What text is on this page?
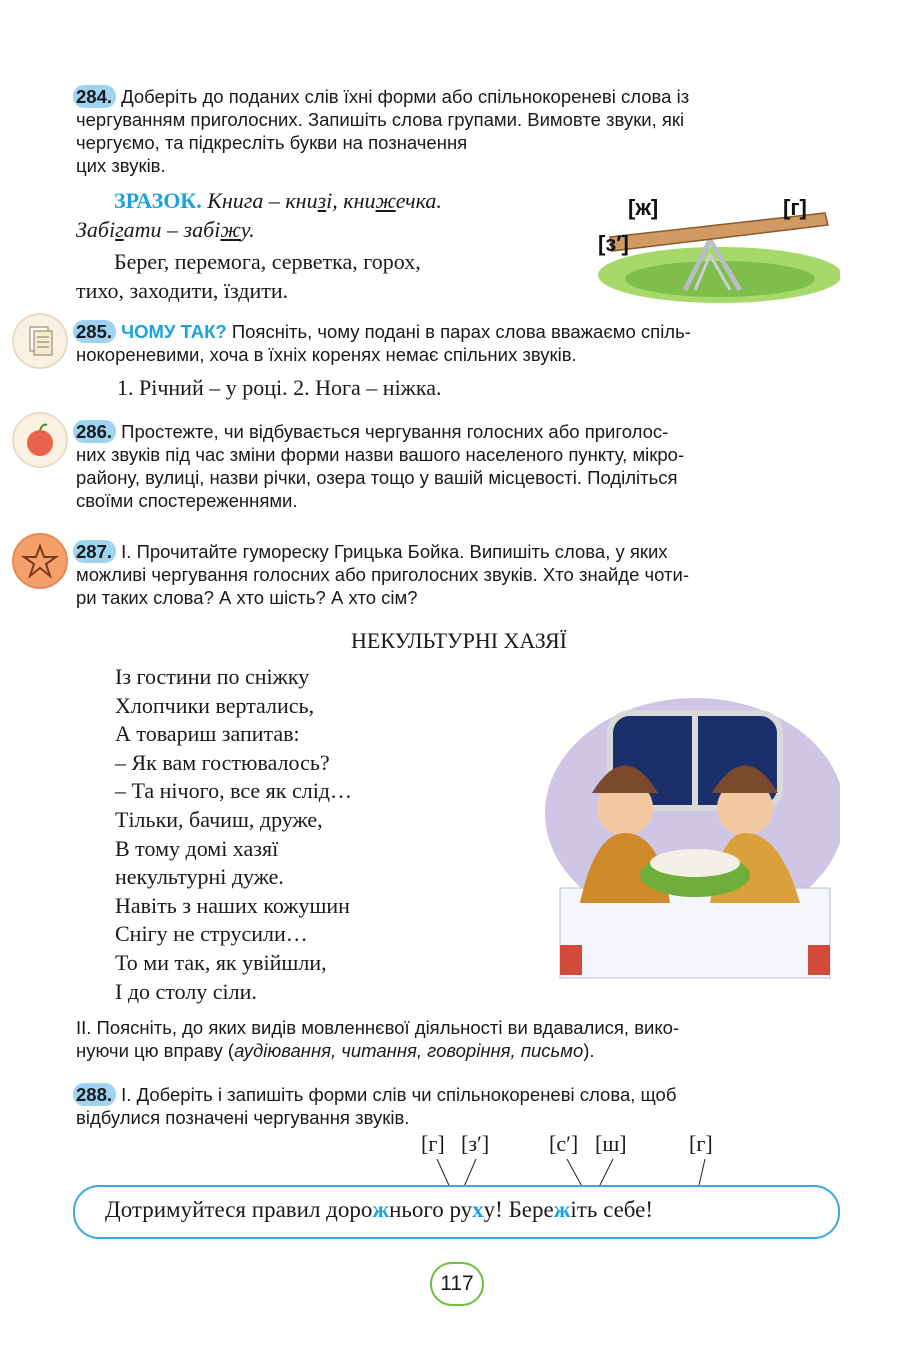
284. Доберіть до поданих слів їхні форми або спільнокореневі слова із
чергуванням приголосних. Запишіть слова групами. Вимовте звуки, які
чергуємо, та підкресліть букви на позначення
цих звуків.
ЗРАЗОК. Книга – книзі, книжечка.
Забігати – забіжу.
Берег, перемога, серветка, горох,
тихо, заходити, їздити.
[ж]	[г]
[з′]
285. ЧОМУ ТАК? Поясніть, чому подані в парах слова вважаємо спіль-
нокореневими, хоча в їхніх коренях немає спільних звуків.
1. Річний – у році. 2. Нога – ніжка.
286. Простежте, чи відбувається чергування голосних або приголос-
них звуків під час зміни форми назви вашого населеного пункту, мікро-
району, вулиці, назви річки, озера тощо у вашій місцевості. Поділіться
своїми спостереженнями.
287. І. Прочитайте гумореску Грицька Бойка. Випишіть слова, у яких
можливі чергування голосних або приголосних звуків. Хто знайде чоти-
ри таких слова? А хто шість? А хто сім?
НЕКУЛЬТУРНІ ХАЗЯЇ
Із гостини по сніжку
Хлопчики вертались,
А товариш запитав:
– Як вам гостювалось?
– Та нічого, все як слід…
Тільки, бачиш, друже,
В тому домі хазяї
некультурні дуже.
Навіть з наших кожушин
Снігу не струсили…
То ми так, як увійшли,
І до столу сіли.
ІІ. Поясніть, до яких видів мовленнєвої діяльності ви вдавалися, вико-
нуючи цю вправу (аудіювання, читання, говоріння, письмо).
288. І. Доберіть і запишіть форми слів чи спільнокореневі слова, щоб
відбулися позначені чергування звуків.
[г] [з′]	[с′] [ш]	[г]
Дотримуйтеся правил дорожнього руху! Бережіть себе!
117
